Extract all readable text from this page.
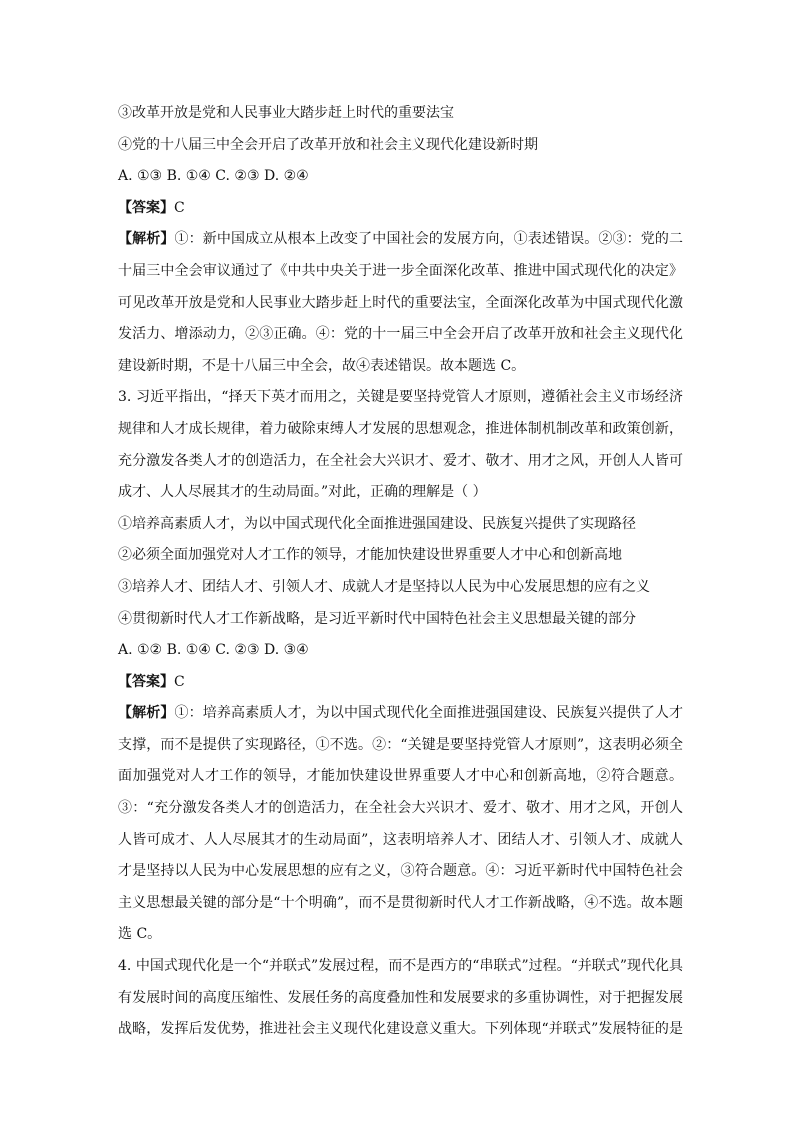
③改革开放是党和人民事业大踏步赶上时代的重要法宝
④党的十八届三中全会开启了改革开放和社会主义现代化建设新时期
A. ①③ B. ①④ C. ②③ D. ②④
【答案】C
【解析】①：新中国成立从根本上改变了中国社会的发展方向，①表述错误。②③：党的二
十届三中全会审议通过了《中共中央关于进一步全面深化改革、推进中国式现代化的决定》
可见改革开放是党和人民事业大踏步赶上时代的重要法宝，全面深化改革为中国式现代化激
发活力、增添动力，②③正确。④：党的十一届三中全会开启了改革开放和社会主义现代化
建设新时期，不是十八届三中全会，故④表述错误。故本题选 C。
3. 习近平指出，“择天下英才而用之，关键是要坚持党管人才原则，遵循社会主义市场经济
规律和人才成长规律，着力破除束缚人才发展的思想观念，推进体制机制改革和政策创新，
充分激发各类人才的创造活力，在全社会大兴识才、爱才、敬才、用才之风，开创人人皆可
成才、人人尽展其才的生动局面。”对此，正确的理解是（ ）
①培养高素质人才，为以中国式现代化全面推进强国建设、民族复兴提供了实现路径
②必须全面加强党对人才工作的领导，才能加快建设世界重要人才中心和创新高地
③培养人才、团结人才、引领人才、成就人才是坚持以人民为中心发展思想的应有之义
④贯彻新时代人才工作新战略，是习近平新时代中国特色社会主义思想最关键的部分
A. ①② B. ①④ C. ②③ D. ③④
【答案】C
【解析】①：培养高素质人才，为以中国式现代化全面推进强国建设、民族复兴提供了人才
支撑，而不是提供了实现路径，①不选。②：“关键是要坚持党管人才原则”，这表明必须全
面加强党对人才工作的领导，才能加快建设世界重要人才中心和创新高地，②符合题意。
③：“充分激发各类人才的创造活力，在全社会大兴识才、爱才、敬才、用才之风，开创人
人皆可成才、人人尽展其才的生动局面”，这表明培养人才、团结人才、引领人才、成就人
才是坚持以人民为中心发展思想的应有之义，③符合题意。④：习近平新时代中国特色社会
主义思想最关键的部分是“十个明确”，而不是贯彻新时代人才工作新战略，④不选。故本题
选 C。
4. 中国式现代化是一个“并联式”发展过程，而不是西方的“串联式”过程。“并联式”现代化具
有发展时间的高度压缩性、发展任务的高度叠加性和发展要求的多重协调性，对于把握发展
战略，发挥后发优势，推进社会主义现代化建设意义重大。下列体现“并联式”发展特征的是
